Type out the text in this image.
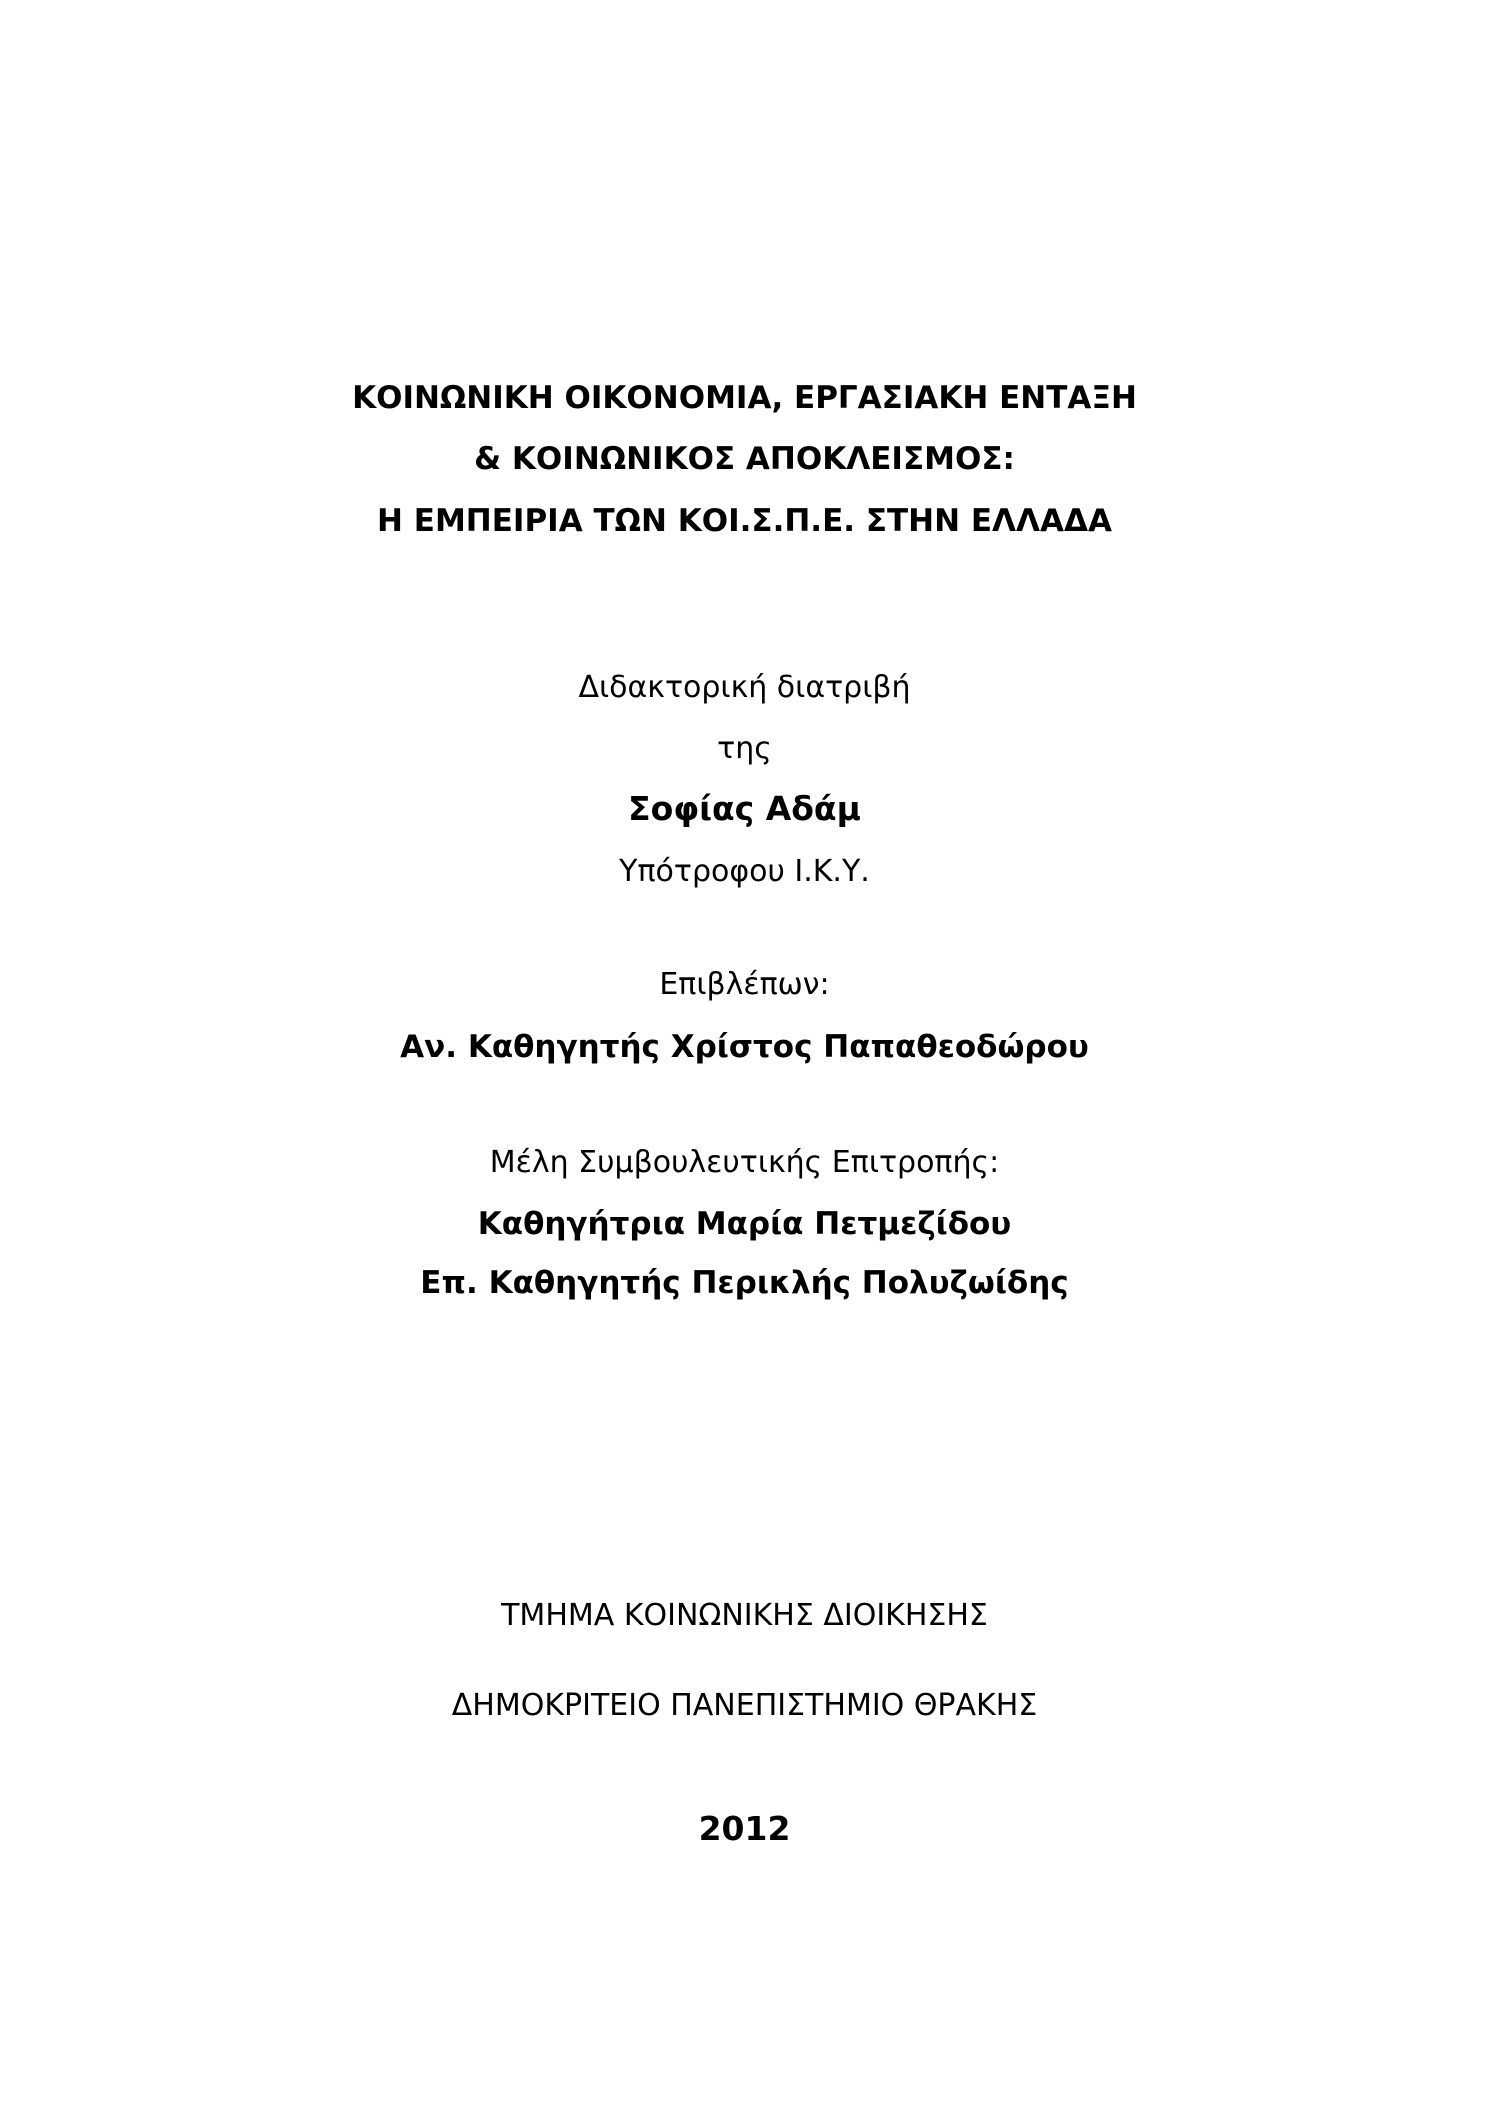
ΚΟΙΝΩΝΙΚΗ ΟΙΚΟΝΟΜΙΑ, ΕΡΓΑΣΙΑΚΗ ΕΝΤΑΞΗ
& ΚΟΙΝΩΝΙΚΟΣ ΑΠΟΚΛΕΙΣΜΟΣ:
Η ΕΜΠΕΙΡΙΑ ΤΩΝ ΚΟΙ.Σ.Π.Ε. ΣΤΗΝ ΕΛΛΑΔΑ
Διδακτορική διατριβή
της
Σοφίας Αδάμ
Υπότροφου Ι.Κ.Υ.
Επιβλέπων:
Αν. Καθηγητής Χρίστος Παπαθεοδώρου
Μέλη Συμβουλευτικής Επιτροπής:
Καθηγήτρια Μαρία Πετμεζίδου
Επ. Καθηγητής Περικλής Πολυζωίδης
ΤΜΗΜΑ ΚΟΙΝΩΝΙΚΗΣ ΔΙΟΙΚΗΣΗΣ
ΔΗΜΟΚΡΙΤΕΙΟ ΠΑΝΕΠΙΣΤΗΜΙΟ ΘΡΑΚΗΣ
2012
